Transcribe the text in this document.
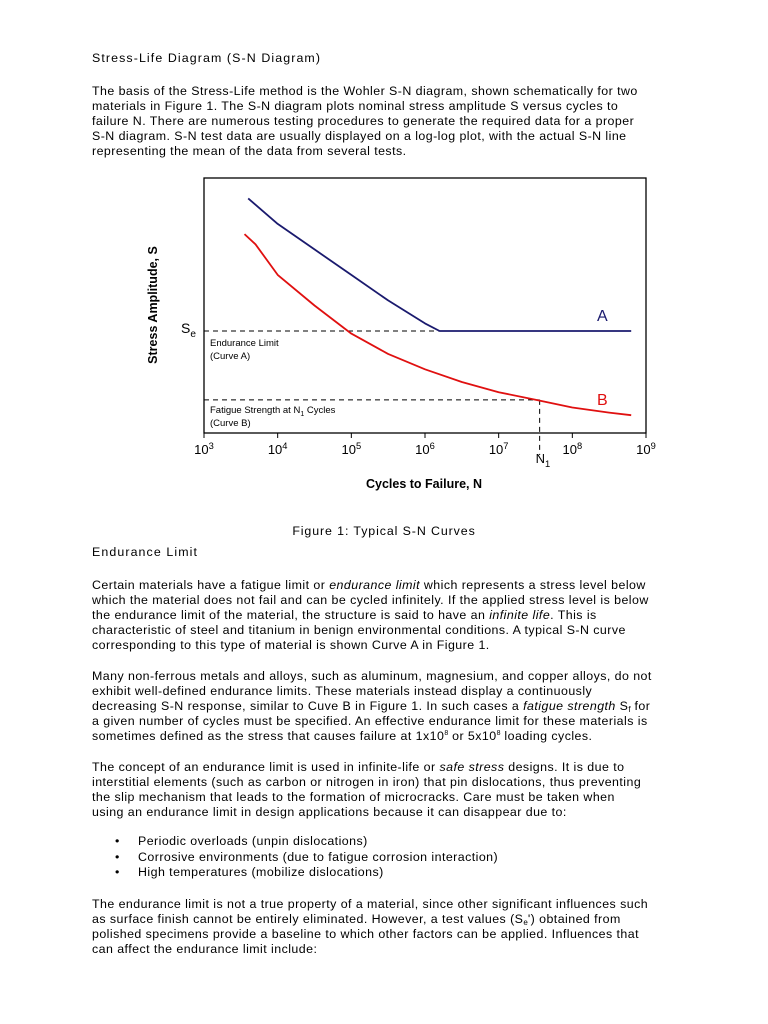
Stress-Life Diagram (S-N Diagram)

The basis of the Stress-Life method is the Wohler S-N diagram, shown schematically for two

materials in Figure 1. The S-N diagram plots nominal stress amplitude S versus cycles to

failure N. There are numerous testing procedures to generate the required data for a proper

S-N diagram. S-N test data are usually displayed on a log-log plot, with the actual S-N line

representing the mean of the data from several tests.

$10^3$	$10^4$	$10^5$	$10^6$	$10^7$	$10^8$	$10^9$
A
B
$S_e$
Endurance Limit
(Curve A)
Fatigue Strength at $N_1$ Cycles
(Curve B)
$N_1$
Stress Amplitude, S
Cycles to Failure, N

Figure 1: Typical S-N Curves

Endurance Limit

Certain materials have a fatigue limit or endurance limit which represents a stress level below

which the material does not fail and can be cycled infinitely. If the applied stress level is below

the endurance limit of the material, the structure is said to have an infinite life. This is

characteristic of steel and titanium in benign environmental conditions. A typical S-N curve

corresponding to this type of material is shown Curve A in Figure 1.

Many non-ferrous metals and alloys, such as aluminum, magnesium, and copper alloys, do not

exhibit well-defined endurance limits. These materials instead display a continuously

decreasing S-N response, similar to Cuve B in Figure 1. In such cases a fatigue strength $S_f$ for

a given number of cycles must be specified. An effective endurance limit for these materials is

sometimes defined as the stress that causes failure at $1x10^8$ or $5x10^8$ loading cycles.

The concept of an endurance limit is used in infinite-life or safe stress designs. It is due to

interstitial elements (such as carbon or nitrogen in iron) that pin dislocations, thus preventing

the slip mechanism that leads to the formation of microcracks. Care must be taken when

using an endurance limit in design applications because it can disappear due to:

• Periodic overloads (unpin dislocations)
• Corrosive environments (due to fatigue corrosion interaction)
• High temperatures (mobilize dislocations)

The endurance limit is not a true property of a material, since other significant influences such

as surface finish cannot be entirely eliminated. However, a test values $(S_e')$ obtained from

polished specimens provide a baseline to which other factors can be applied. Influences that

can affect the endurance limit include:
